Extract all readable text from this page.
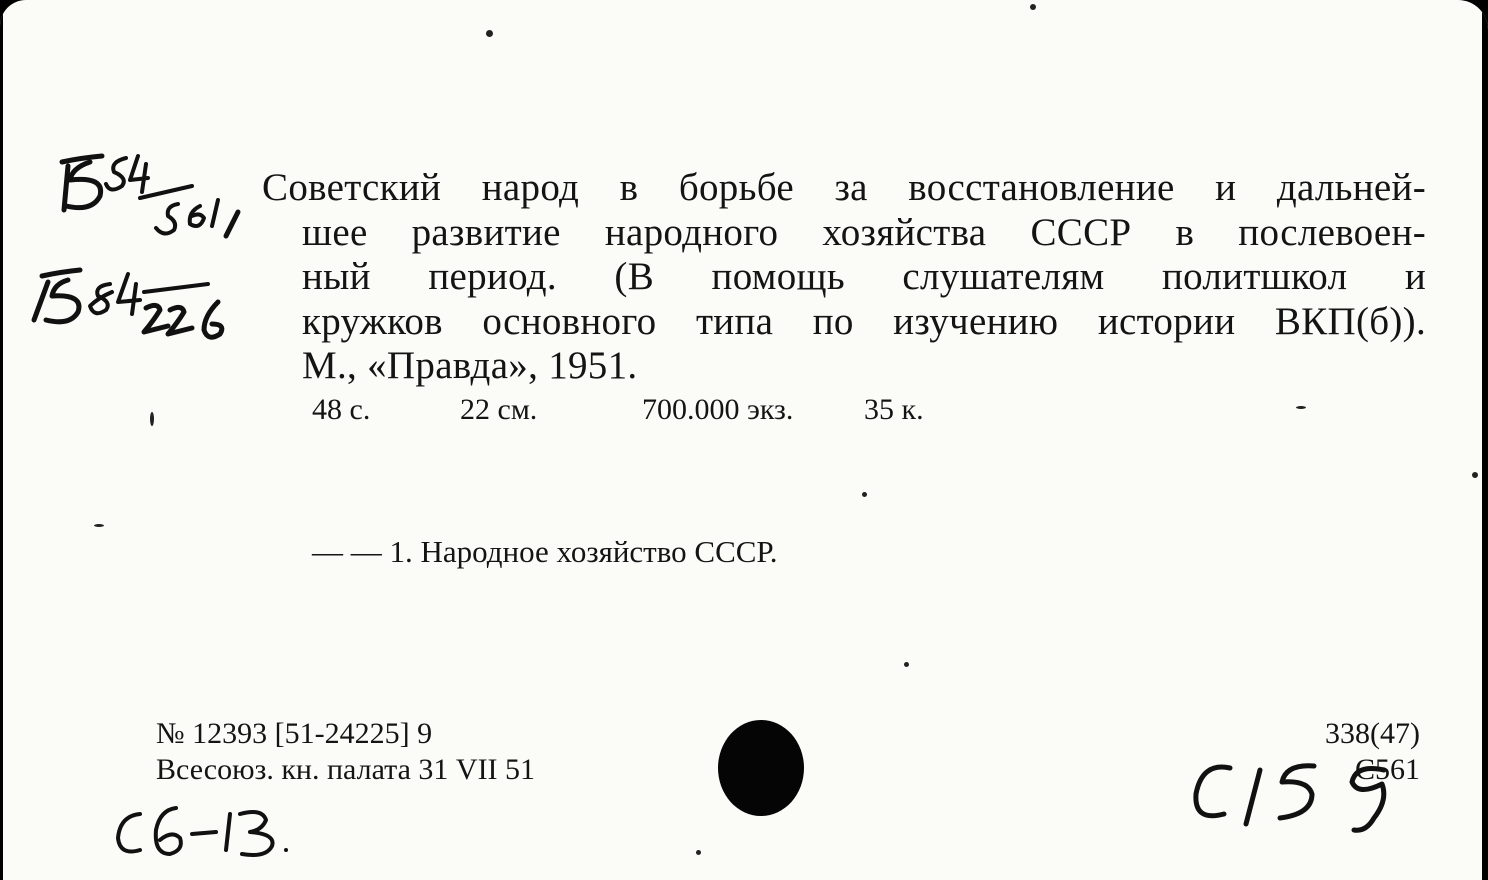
Советский народ в борьбе за восстановление и дальней-
шее развитие народного хозяйства СССР в послевоен-
ный период. (В помощь слушателям политшкол и
кружков основного типа по изучению истории ВКП(б)).
М., «Правда», 1951.
48 с.	22 см.	700.000 экз. 35 к.
— — 1. Народное хозяйство СССР.
№ 12393 [51-24225] 9
Всесоюз. кн. палата 31 VII 51
338(47)
С561
